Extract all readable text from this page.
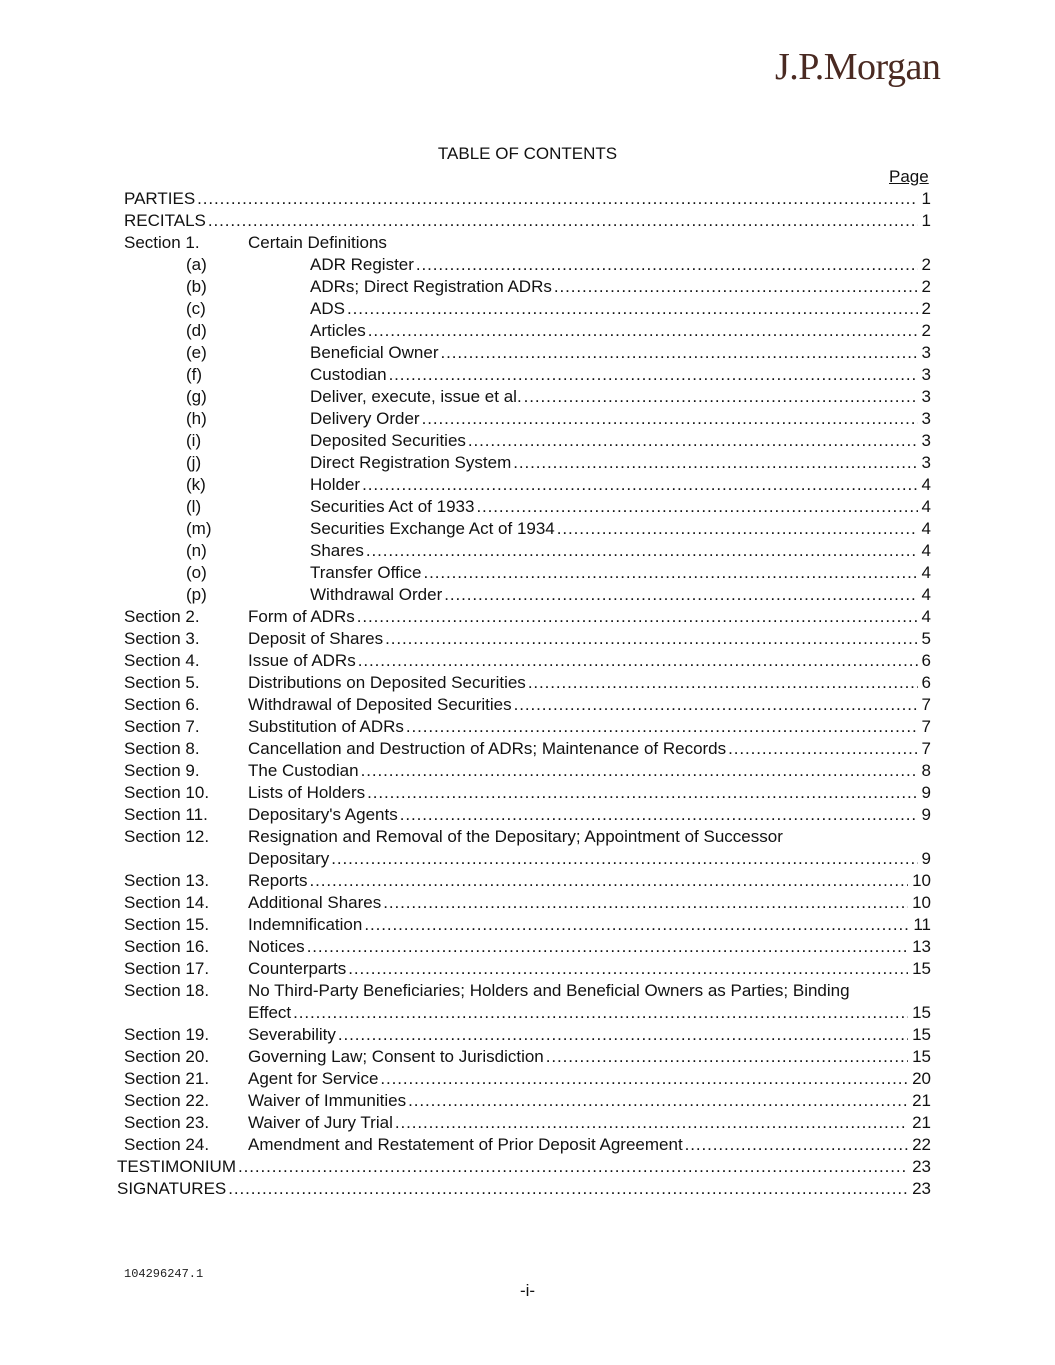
J.P.Morgan
TABLE OF CONTENTS
Page
PARTIES .....	1
RECITALS .....	1
Section 1.	Certain Definitions
(a)	ADR Register .....	2
(b)	ADRs; Direct Registration ADRs .....	2
(c)	ADS .....	2
(d)	Articles .....	2
(e)	Beneficial Owner .....	3
(f)	Custodian .....	3
(g)	Deliver, execute, issue et al. .....	3
(h)	Delivery Order .....	3
(i)	Deposited Securities .....	3
(j)	Direct Registration System .....	3
(k)	Holder .....	4
(l)	Securities Act of 1933 .....	4
(m)	Securities Exchange Act of 1934 .....	4
(n)	Shares .....	4
(o)	Transfer Office .....	4
(p)	Withdrawal Order .....	4
Section 2.	Form of ADRs .....	4
Section 3.	Deposit of Shares .....	5
Section 4.	Issue of ADRs .....	6
Section 5.	Distributions on Deposited Securities .....	6
Section 6.	Withdrawal of Deposited Securities .....	7
Section 7.	Substitution of ADRs .....	7
Section 8.	Cancellation and Destruction of ADRs; Maintenance of Records .....	7
Section 9.	The Custodian .....	8
Section 10. Lists of Holders .....	9
Section 11. Depositary's Agents .....	9
Section 12. Resignation and Removal of the Depositary; Appointment of Successor
Depositary .....	9
Section 13. Reports .....	10
Section 14. Additional Shares .....	10
Section 15. Indemnification .....	11
Section 16. Notices .....	13
Section 17. Counterparts .....	15
Section 18. No Third-Party Beneficiaries; Holders and Beneficial Owners as Parties; Binding
Effect .....	15
Section 19. Severability .....	15
Section 20. Governing Law; Consent to Jurisdiction .....	15
Section 21. Agent for Service .....	20
Section 22. Waiver of Immunities .....	21
Section 23. Waiver of Jury Trial .....	21
Section 24. Amendment and Restatement of Prior Deposit Agreement .....	22
TESTIMONIUM .....	23
SIGNATURES .....	23
104296247.1
-i-
